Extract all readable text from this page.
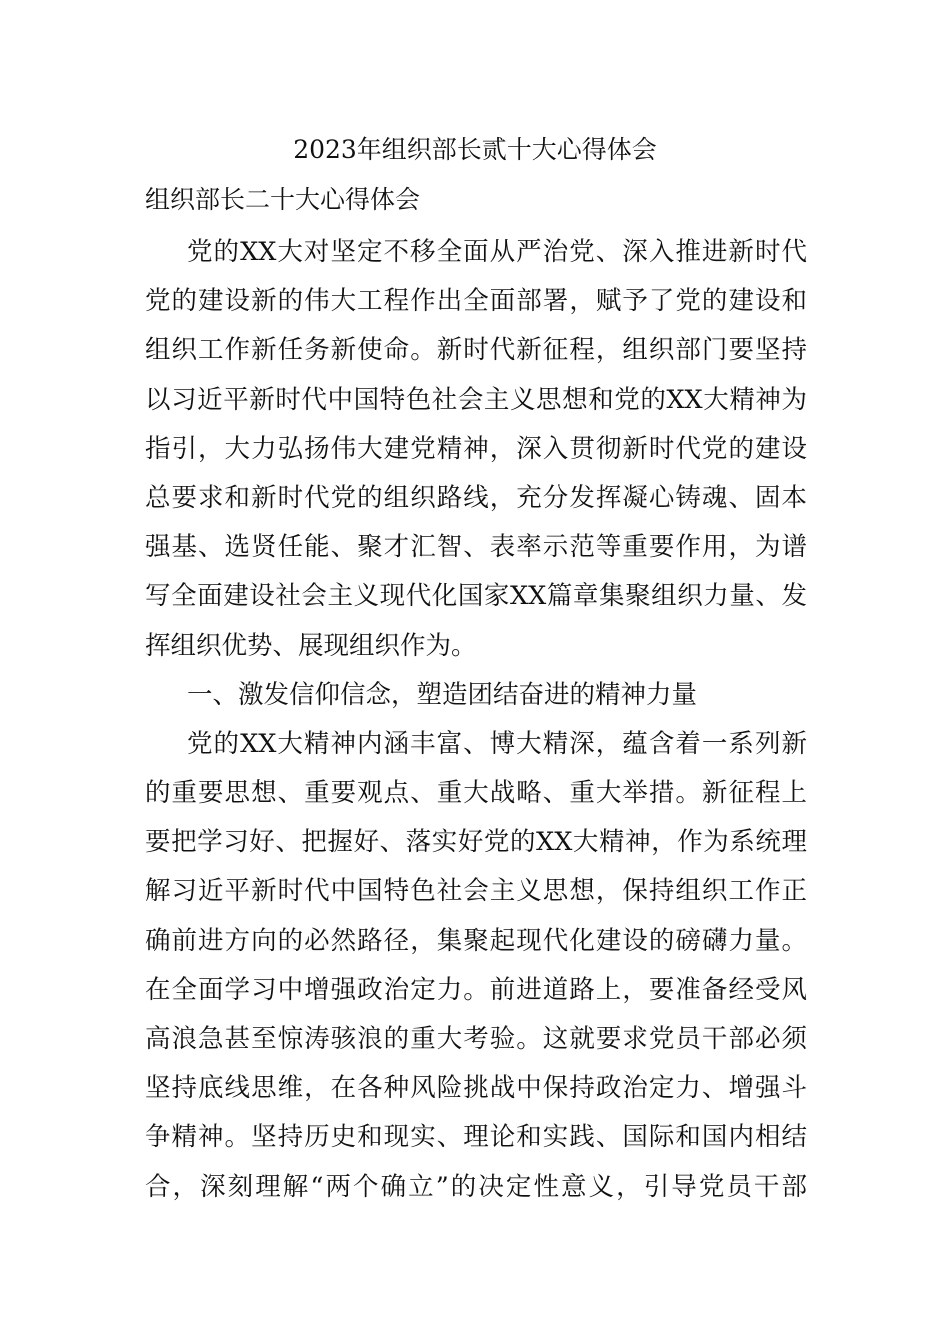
2023年组织部长贰十大心得体会

组织部长二十大心得体会

党的XX大对坚定不移全面从严治党、深入推进新时代
党的建设新的伟大工程作出全面部署，赋予了党的建设和
组织工作新任务新使命。新时代新征程，组织部门要坚持
以习近平新时代中国特色社会主义思想和党的XX大精神为
指引，大力弘扬伟大建党精神，深入贯彻新时代党的建设
总要求和新时代党的组织路线，充分发挥凝心铸魂、固本
强基、选贤任能、聚才汇智、表率示范等重要作用，为谱
写全面建设社会主义现代化国家XX篇章集聚组织力量、发
挥组织优势、展现组织作为。
一、激发信仰信念，塑造团结奋进的精神力量
党的XX大精神内涵丰富、博大精深，蕴含着一系列新
的重要思想、重要观点、重大战略、重大举措。新征程上
要把学习好、把握好、落实好党的XX大精神，作为系统理
解习近平新时代中国特色社会主义思想，保持组织工作正
确前进方向的必然路径，集聚起现代化建设的磅礴力量。
在全面学习中增强政治定力。前进道路上，要准备经受风
高浪急甚至惊涛骇浪的重大考验。这就要求党员干部必须
坚持底线思维，在各种风险挑战中保持政治定力、增强斗
争精神。坚持历史和现实、理论和实践、国际和国内相结
合，深刻理解“两个确立”的决定性意义，引导党员干部
